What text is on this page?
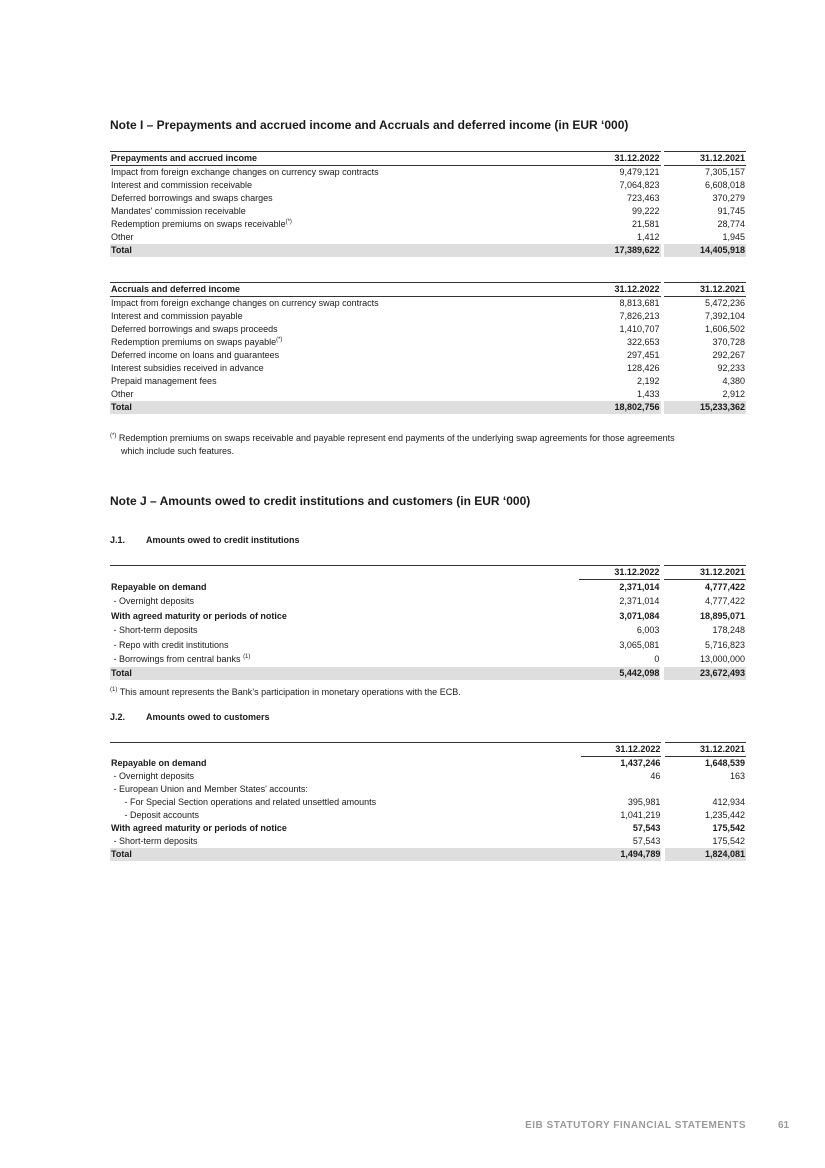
Note I – Prepayments and accrued income and Accruals and deferred income (in EUR ‘000)
Prepayments and accrued income	31.12.2022		31.12.2021
Impact from foreign exchange changes on currency swap contracts	9,479,121		7,305,157
Interest and commission receivable	7,064,823		6,608,018
Deferred borrowings and swaps charges	723,463		370,279
Mandates' commission receivable	99,222		91,745
Redemption premiums on swaps receivable(*)	21,581		28,774
Other	1,412		1,945
Total	17,389,622		14,405,918
Accruals and deferred income	31.12.2022		31.12.2021
Impact from foreign exchange changes on currency swap contracts	8,813,681		5,472,236
Interest and commission payable	7,826,213		7,392,104
Deferred borrowings and swaps proceeds	1,410,707		1,606,502
Redemption premiums on swaps payable(*)	322,653		370,728
Deferred income on loans and guarantees	297,451		292,267
Interest subsidies received in advance	128,426		92,233
Prepaid management fees	2,192		4,380
Other	1,433		2,912
Total	18,802,756		15,233,362
(*) Redemption premiums on swaps receivable and payable represent end payments of the underlying swap agreements for those agreements
which include such features.
Note J – Amounts owed to credit institutions and customers (in EUR ‘000)
J.1. Amounts owed to credit institutions
	31.12.2022		31.12.2021
Repayable on demand	2,371,014		4,777,422
- Overnight deposits	2,371,014		4,777,422
With agreed maturity or periods of notice	3,071,084		18,895,071
- Short-term deposits	6,003		178,248
- Repo with credit institutions	3,065,081		5,716,823
- Borrowings from central banks $^{(1)}$	0		13,000,000
Total	5,442,098		23,672,493
$^{(1)}$ This amount represents the Bank’s participation in monetary operations with the ECB.
J.2. Amounts owed to customers
	31.12.2022		31.12.2021
Repayable on demand	1,437,246		1,648,539
- Overnight deposits	46		163
- European Union and Member States' accounts:			
- For Special Section operations and related unsettled amounts	395,981		412,934
- Deposit accounts	1,041,219		1,235,442
With agreed maturity or periods of notice	57,543		175,542
- Short-term deposits	57,543		175,542
Total	1,494,789		1,824,081
EIB STATUTORY FINANCIAL STATEMENTS	61
